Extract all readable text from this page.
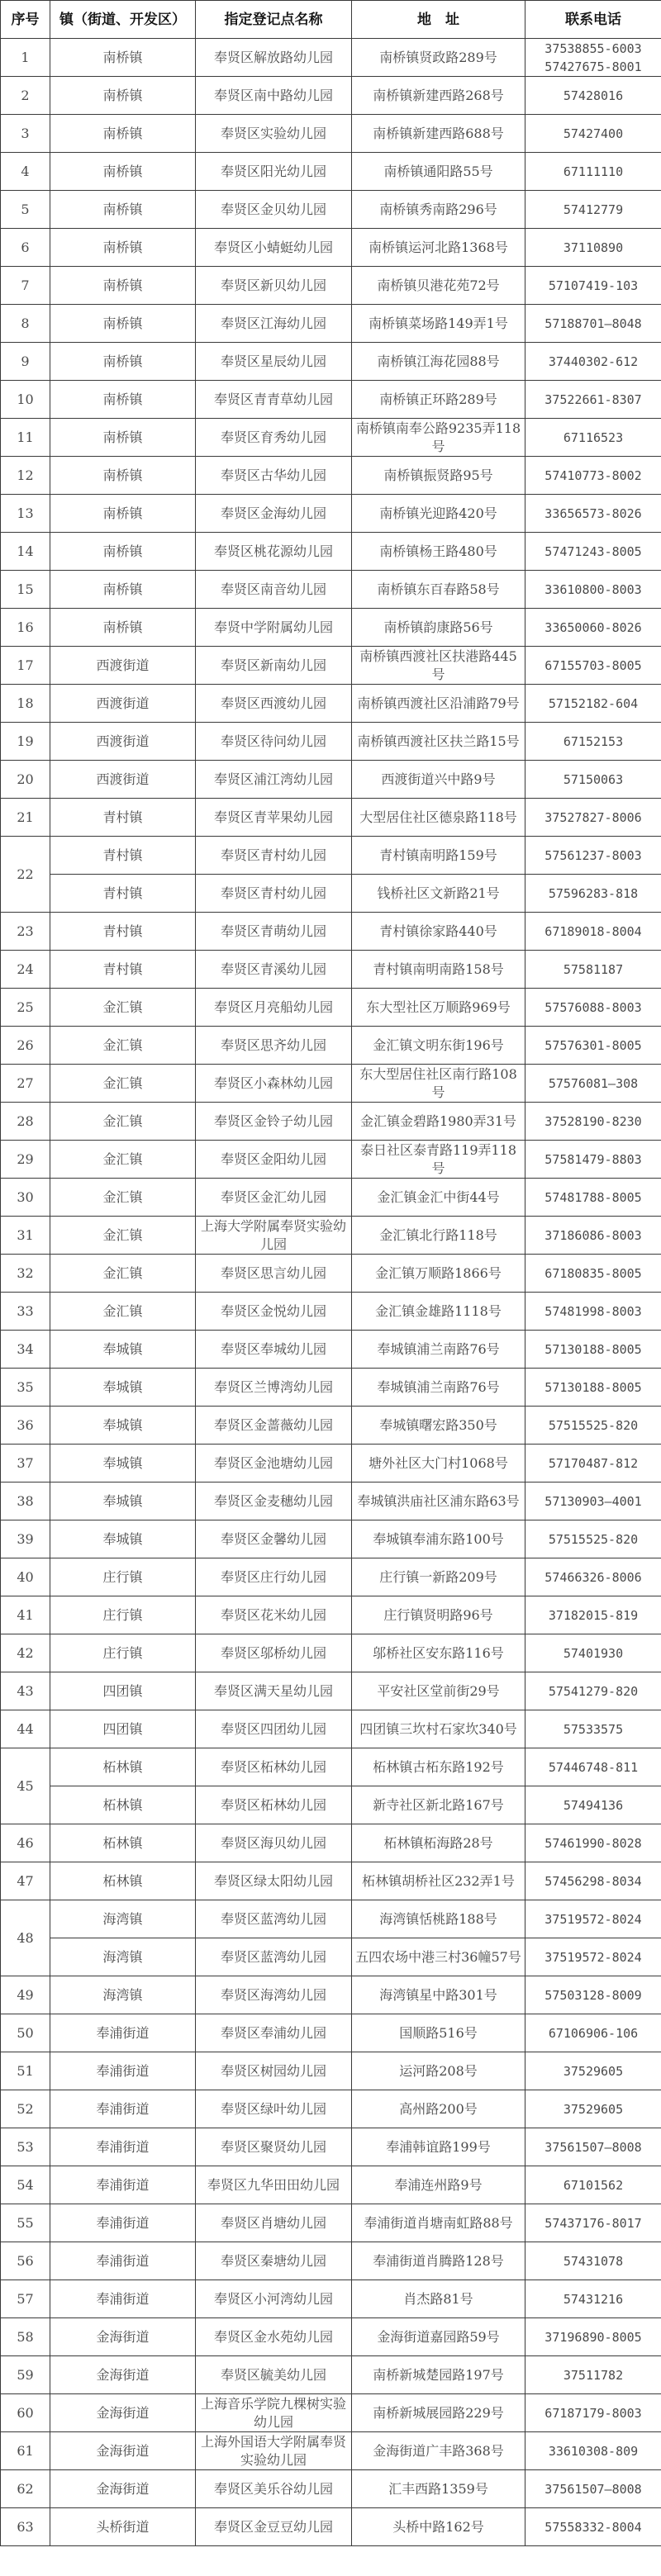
序号	镇（街道、开发区）	指定登记点名称	地　址	联系电话
1	南桥镇	奉贤区解放路幼儿园	南桥镇贤政路289号	37538855-6003
57427675-8001
2	南桥镇	奉贤区南中路幼儿园	南桥镇新建西路268号	57428016
3	南桥镇	奉贤区实验幼儿园	南桥镇新建西路688号	57427400
4	南桥镇	奉贤区阳光幼儿园	南桥镇通阳路55号	67111110
5	南桥镇	奉贤区金贝幼儿园	南桥镇秀南路296号	57412779
6	南桥镇	奉贤区小蜻蜓幼儿园	南桥镇运河北路1368号	37110890
7	南桥镇	奉贤区新贝幼儿园	南桥镇贝港花苑72号	57107419-103
8	南桥镇	奉贤区江海幼儿园	南桥镇菜场路149弄1号	57188701—8048
9	南桥镇	奉贤区星辰幼儿园	南桥镇江海花园88号	37440302-612
10	南桥镇	奉贤区青青草幼儿园	南桥镇正环路289号	37522661-8307
11	南桥镇	奉贤区育秀幼儿园	南桥镇南奉公路9235弄118号	67116523
12	南桥镇	奉贤区古华幼儿园	南桥镇振贤路95号	57410773-8002
13	南桥镇	奉贤区金海幼儿园	南桥镇光迎路420号	33656573-8026
14	南桥镇	奉贤区桃花源幼儿园	南桥镇杨王路480号	57471243-8005
15	南桥镇	奉贤区南音幼儿园	南桥镇东百春路58号	33610800-8003
16	南桥镇	奉贤中学附属幼儿园	南桥镇韵康路56号	33650060-8026
17	西渡街道	奉贤区新南幼儿园	南桥镇西渡社区扶港路445号	67155703-8005
18	西渡街道	奉贤区西渡幼儿园	南桥镇西渡社区沿浦路79号	57152182-604
19	西渡街道	奉贤区待问幼儿园	南桥镇西渡社区扶兰路15号	67152153
20	西渡街道	奉贤区浦江湾幼儿园	西渡街道兴中路9号	57150063
21	青村镇	奉贤区青苹果幼儿园	大型居住社区德泉路118号	37527827-8006
22	青村镇	奉贤区青村幼儿园	青村镇南明路159号	57561237-8003
	青村镇	奉贤区青村幼儿园	钱桥社区文新路21号	57596283-818
23	青村镇	奉贤区青萌幼儿园	青村镇徐家路440号	67189018-8004
24	青村镇	奉贤区青溪幼儿园	青村镇南明南路158号	57581187
25	金汇镇	奉贤区月亮船幼儿园	东大型社区万顺路969号	57576088-8003
26	金汇镇	奉贤区思齐幼儿园	金汇镇文明东街196号	57576301-8005
27	金汇镇	奉贤区小森林幼儿园	东大型居住社区南行路108号	57576081—308
28	金汇镇	奉贤区金铃子幼儿园	金汇镇金碧路1980弄31号	37528190-8230
29	金汇镇	奉贤区金阳幼儿园	泰日社区泰青路119弄118号	57581479-8803
30	金汇镇	奉贤区金汇幼儿园	金汇镇金汇中街44号	57481788-8005
31	金汇镇	上海大学附属奉贤实验幼儿园	金汇镇北行路118号	37186086-8003
32	金汇镇	奉贤区思言幼儿园	金汇镇万顺路1866号	67180835-8005
33	金汇镇	奉贤区金悦幼儿园	金汇镇金雄路1118号	57481998-8003
34	奉城镇	奉贤区奉城幼儿园	奉城镇浦兰南路76号	57130188-8005
35	奉城镇	奉贤区兰博湾幼儿园	奉城镇浦兰南路76号	57130188-8005
36	奉城镇	奉贤区金蔷薇幼儿园	奉城镇曙宏路350号	57515525-820
37	奉城镇	奉贤区金池塘幼儿园	塘外社区大门村1068号	57170487-812
38	奉城镇	奉贤区金麦穗幼儿园	奉城镇洪庙社区浦东路63号	57130903—4001
39	奉城镇	奉贤区金馨幼儿园	奉城镇奉浦东路100号	57515525-820
40	庄行镇	奉贤区庄行幼儿园	庄行镇一新路209号	57466326-8006
41	庄行镇	奉贤区花米幼儿园	庄行镇贤明路96号	37182015-819
42	庄行镇	奉贤区邬桥幼儿园	邬桥社区安东路116号	57401930
43	四团镇	奉贤区满天星幼儿园	平安社区堂前街29号	57541279-820
44	四团镇	奉贤区四团幼儿园	四团镇三坎村石家坎340号	57533575
45	柘林镇	奉贤区柘林幼儿园	柘林镇古柘东路192号	57446748-811
	柘林镇	奉贤区柘林幼儿园	新寺社区新北路167号	57494136
46	柘林镇	奉贤区海贝幼儿园	柘林镇柘海路28号	57461990-8028
47	柘林镇	奉贤区绿太阳幼儿园	柘林镇胡桥社区232弄1号	57456298-8034
48	海湾镇	奉贤区蓝湾幼儿园	海湾镇恬桃路188号	37519572-8024
	海湾镇	奉贤区蓝湾幼儿园	五四农场中港三村36幢57号	37519572-8024
49	海湾镇	奉贤区海湾幼儿园	海湾镇星中路301号	57503128-8009
50	奉浦街道	奉贤区奉浦幼儿园	国顺路516号	67106906-106
51	奉浦街道	奉贤区树园幼儿园	运河路208号	37529605
52	奉浦街道	奉贤区绿叶幼儿园	高州路200号	37529605
53	奉浦街道	奉贤区聚贤幼儿园	奉浦韩谊路199号	37561507—8008
54	奉浦街道	奉贤区九华田田幼儿园	奉浦连州路9号	67101562
55	奉浦街道	奉贤区肖塘幼儿园	奉浦街道肖塘南虹路88号	57437176-8017
56	奉浦街道	奉贤区秦塘幼儿园	奉浦街道肖腾路128号	57431078
57	奉浦街道	奉贤区小河湾幼儿园	肖杰路81号	57431216
58	金海街道	奉贤区金水苑幼儿园	金海街道嘉园路59号	37196890-8005
59	金海街道	奉贤区毓美幼儿园	南桥新城楚园路197号	37511782
60	金海街道	上海音乐学院九棵树实验幼儿园	南桥新城展园路229号	67187179-8003
61	金海街道	上海外国语大学附属奉贤实验幼儿园	金海街道广丰路368号	33610308-809
62	金海街道	奉贤区美乐谷幼儿园	汇丰西路1359号	37561507—8008
63	头桥街道	奉贤区金豆豆幼儿园	头桥中路162号	57558332-8004
